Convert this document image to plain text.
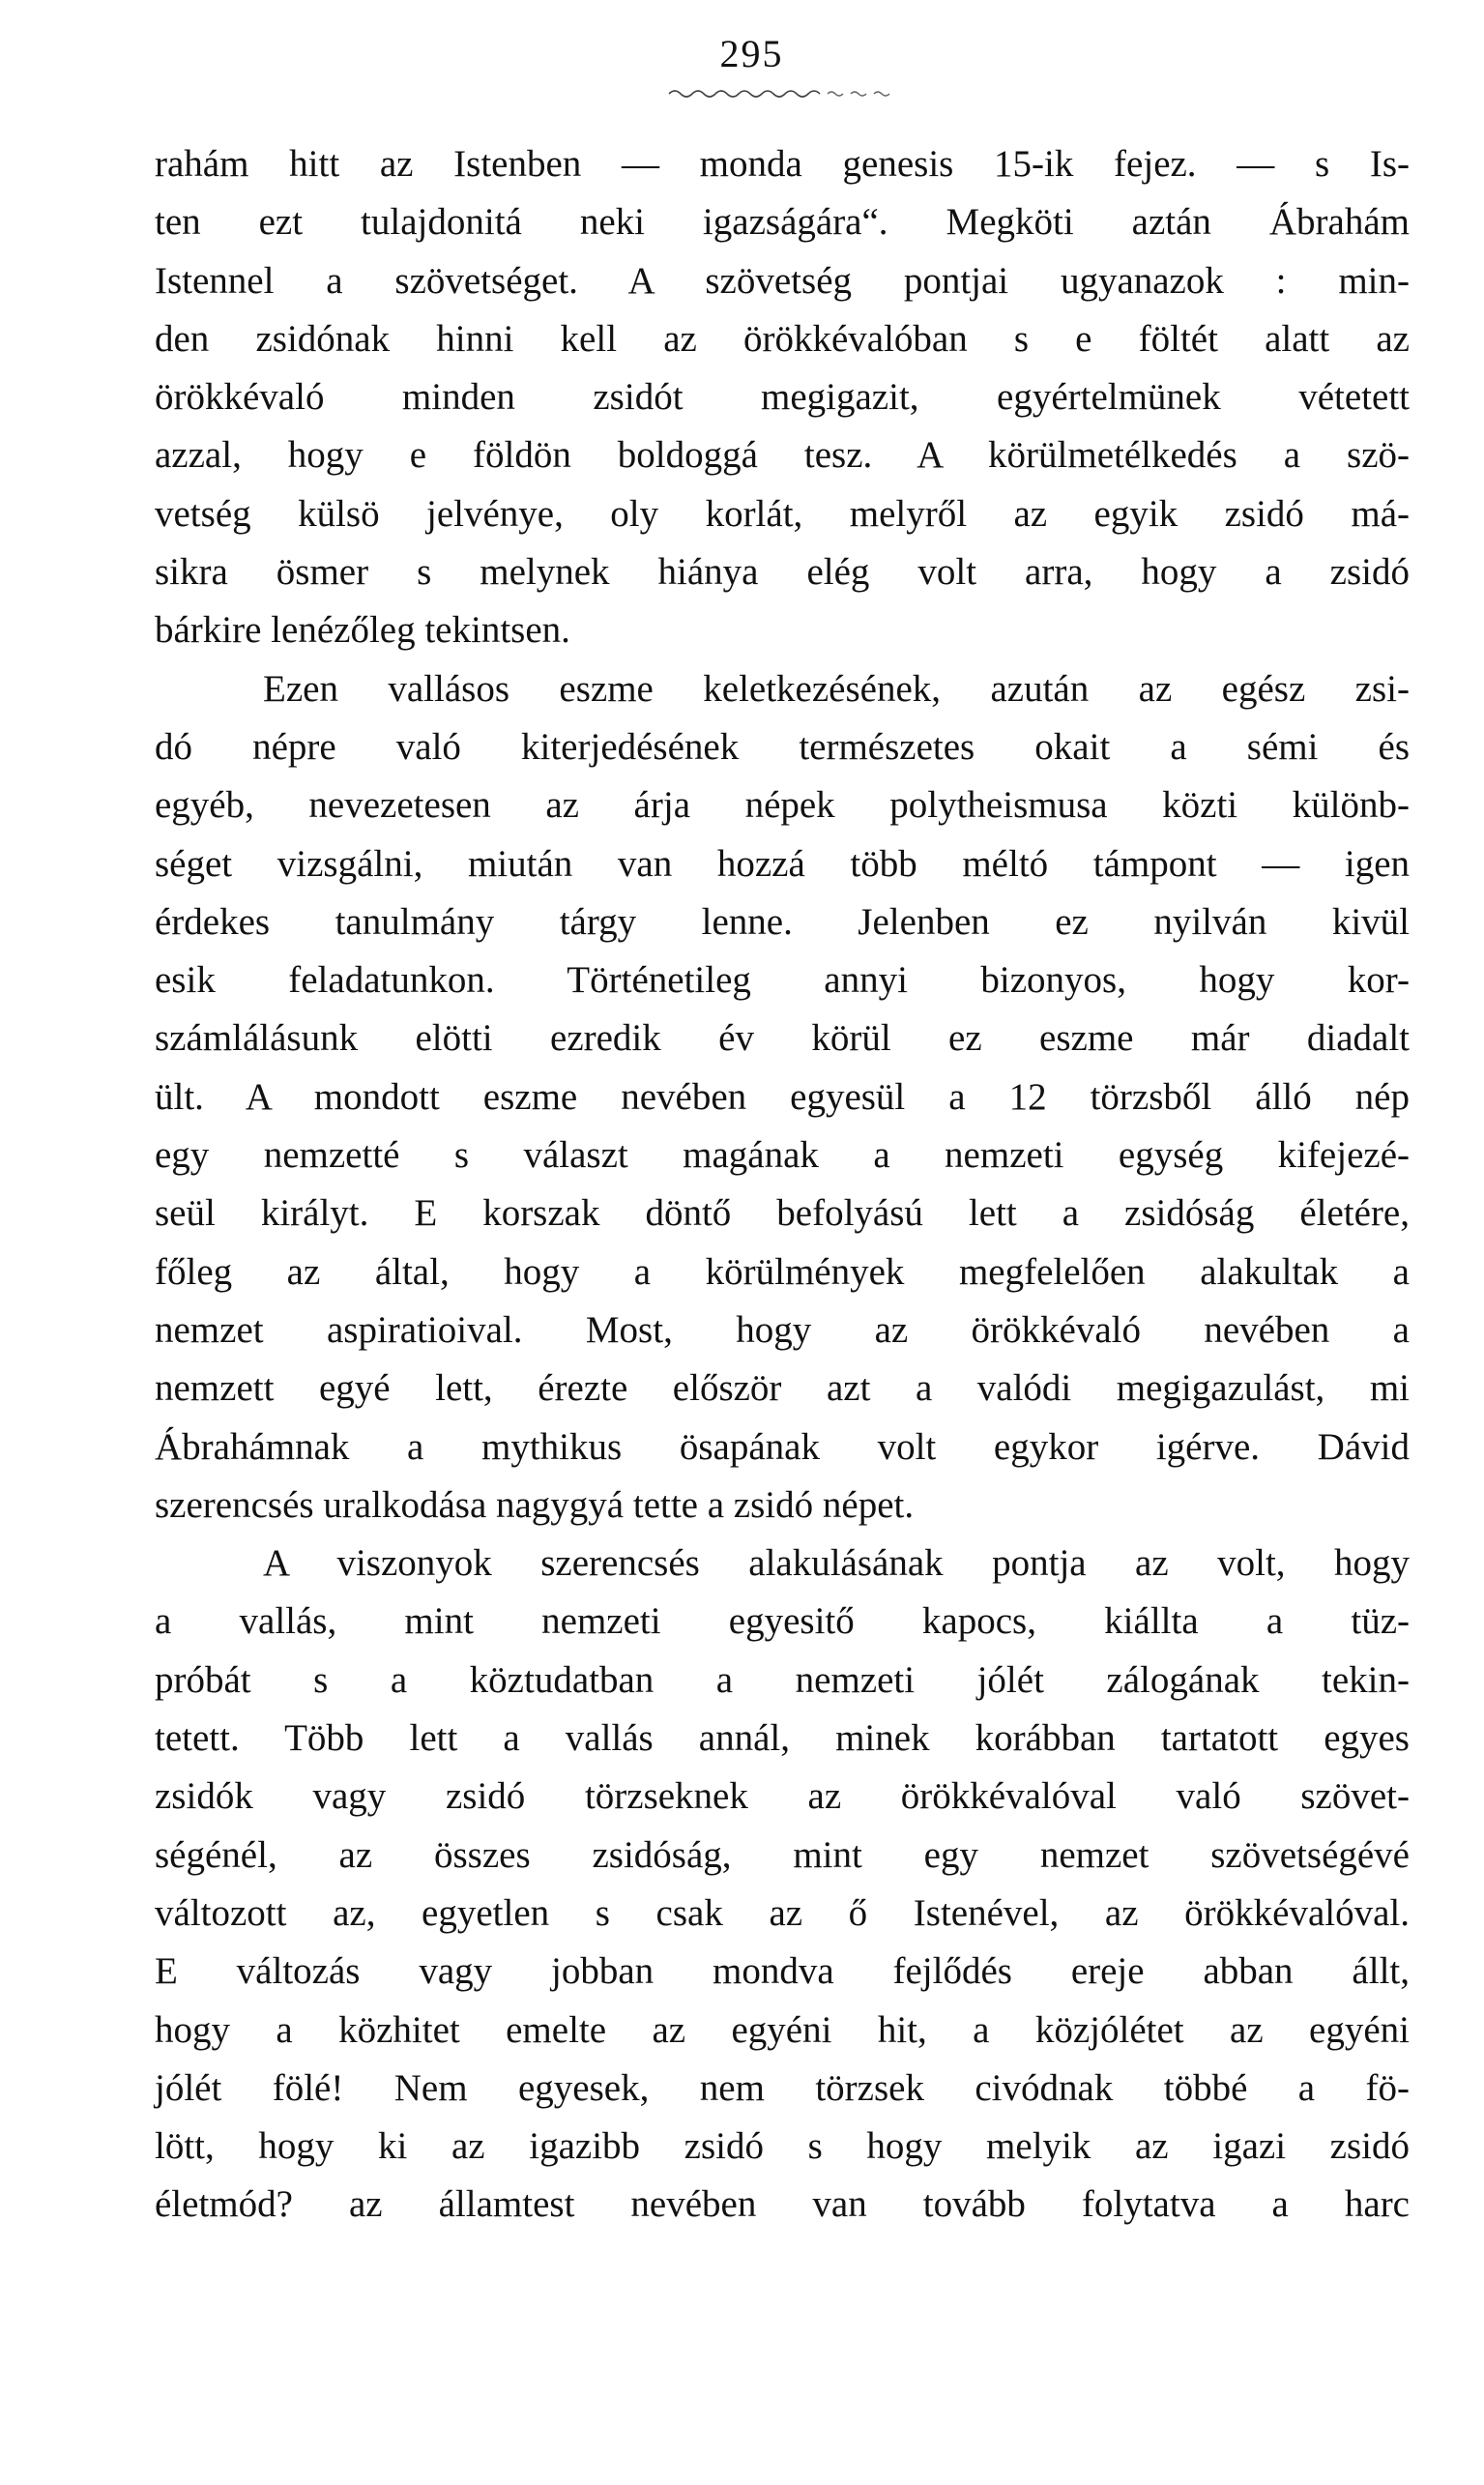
295
rahám hitt az Istenben — monda genesis 15-ik fejez. — s Is-
ten ezt tulajdonitá neki igazságára“. Megköti aztán Ábrahám
Istennel a szövetséget. A szövetség pontjai ugyanazok : min-
den zsidónak hinni kell az örökkévalóban s e föltét alatt az
örökkévaló minden zsidót megigazit, egyértelmünek vétetett
azzal, hogy e földön boldoggá tesz. A körülmetélkedés a szö-
vetség külsö jelvénye, oly korlát, melyről az egyik zsidó má-
sikra ösmer s melynek hiánya elég volt arra, hogy a zsidó
bárkire lenézőleg tekintsen.
Ezen vallásos eszme keletkezésének, azután az egész zsi-
dó népre való kiterjedésének természetes okait a sémi és
egyéb, nevezetesen az árja népek polytheismusa közti különb-
séget vizsgálni, miután van hozzá több méltó támpont — igen
érdekes tanulmány tárgy lenne. Jelenben ez nyilván kivül
esik feladatunkon. Történetileg annyi bizonyos, hogy kor-
számlálásunk elötti ezredik év körül ez eszme már diadalt
ült. A mondott eszme nevében egyesül a 12 törzsből álló nép
egy nemzetté s választ magának a nemzeti egység kifejezé-
seül királyt. E korszak döntő befolyású lett a zsidóság életére,
főleg az által, hogy a körülmények megfelelően alakultak a
nemzet aspiratioival. Most, hogy az örökkévaló nevében a
nemzett egyé lett, érezte először azt a valódi megigazulást, mi
Ábrahámnak a mythikus ösapának volt egykor igérve. Dávid
szerencsés uralkodása nagygyá tette a zsidó népet.
A viszonyok szerencsés alakulásának pontja az volt, hogy
a vallás, mint nemzeti egyesitő kapocs, kiállta a tüz-
próbát s a köztudatban a nemzeti jólét zálogának tekin-
tetett. Több lett a vallás annál, minek korábban tartatott egyes
zsidók vagy zsidó törzseknek az örökkévalóval való szövet-
ségénél, az összes zsidóság, mint egy nemzet szövetségévé
változott az, egyetlen s csak az ő Istenével, az örökkévalóval.
E változás vagy jobban mondva fejlődés ereje abban állt,
hogy a közhitet emelte az egyéni hit, a közjólétet az egyéni
jólét fölé! Nem egyesek, nem törzsek civódnak többé a fö-
lött, hogy ki az igazibb zsidó s hogy melyik az igazi zsidó
életmód? az államtest nevében van tovább folytatva a harc
